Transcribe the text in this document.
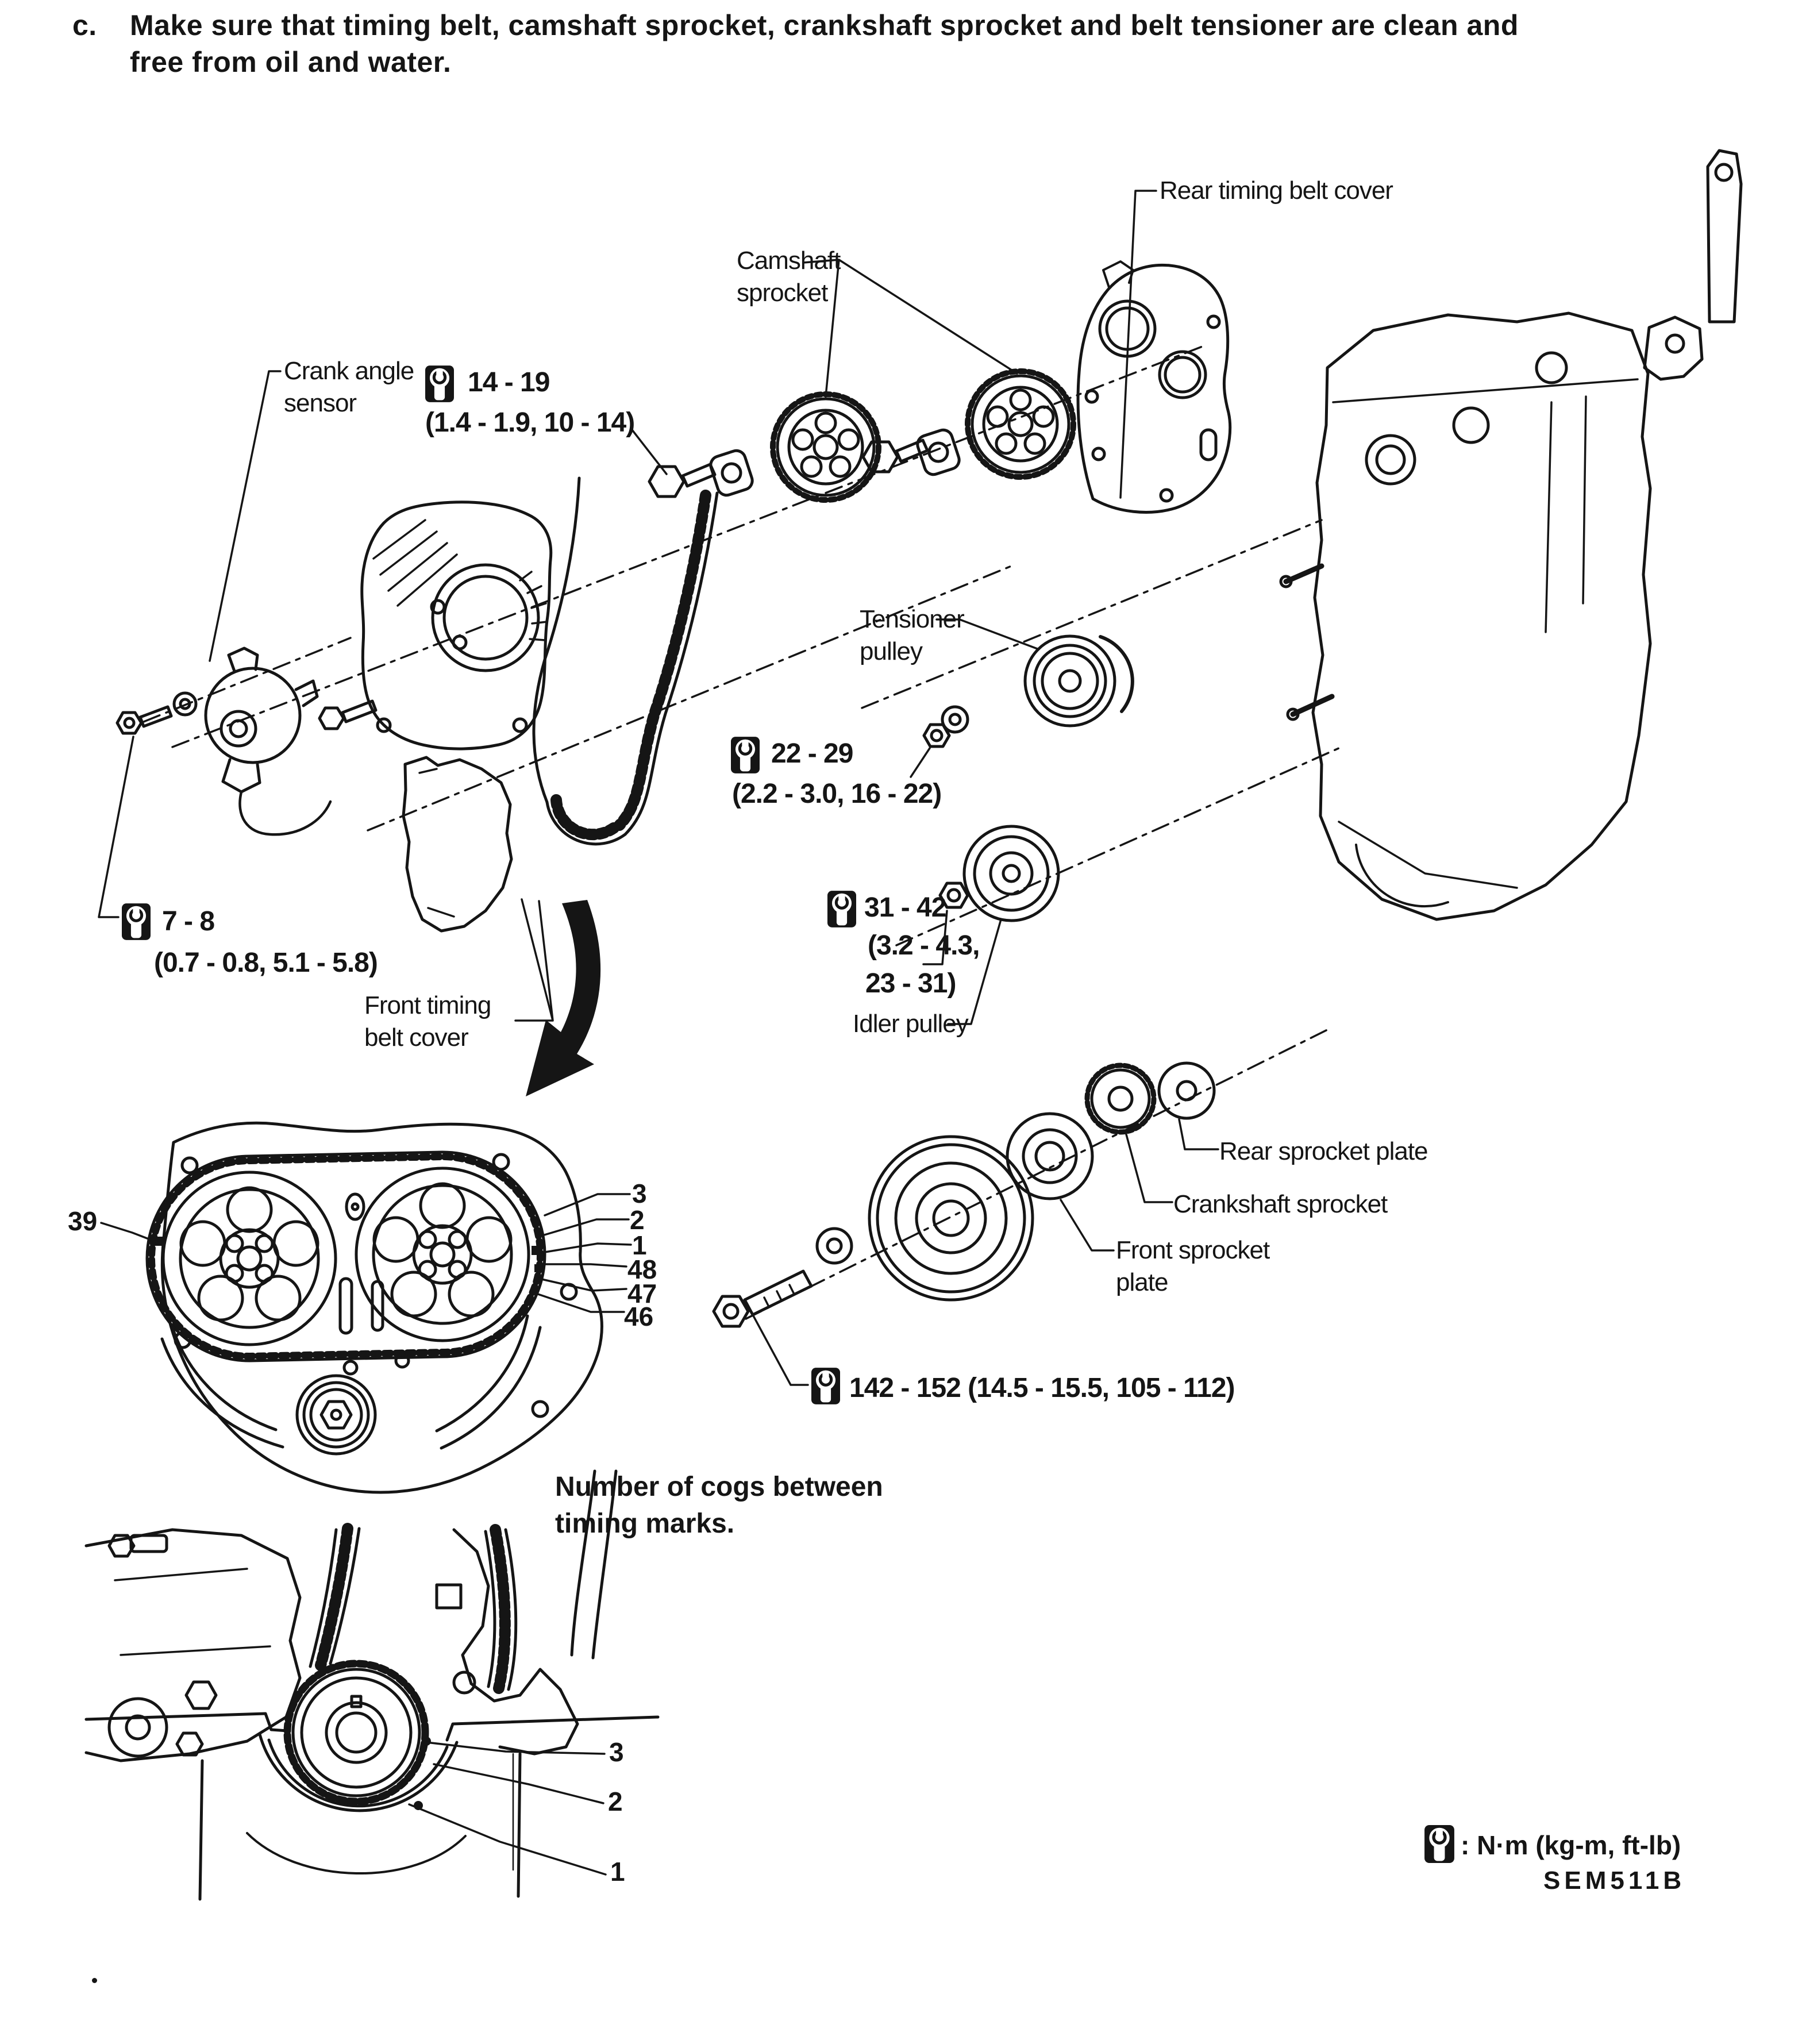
c.	Make sure that timing belt, camshaft sprocket, crankshaft sprocket and belt tensioner are clean and
free from oil and water.
Rear timing belt cover
Camshaft
sprocket
Crank angle
sensor
Tensioner
pulley
Idler pulley
Front timing
belt cover
Rear sprocket plate
Crankshaft sprocket
Front sprocket
plate
14 - 19
(1.4 - 1.9, 10 - 14)
22 - 29
(2.2 - 3.0, 16 - 22)
31 - 42
(3.2 - 4.3,
23 - 31)
7 - 8
(0.7 - 0.8, 5.1 - 5.8)
142 - 152 (14.5 - 15.5, 105 - 112)
39
3
2
1
48
47
46
3
2
1
Number of cogs between
timing marks.
: N·m (kg-m, ft-lb)
SEM511B
